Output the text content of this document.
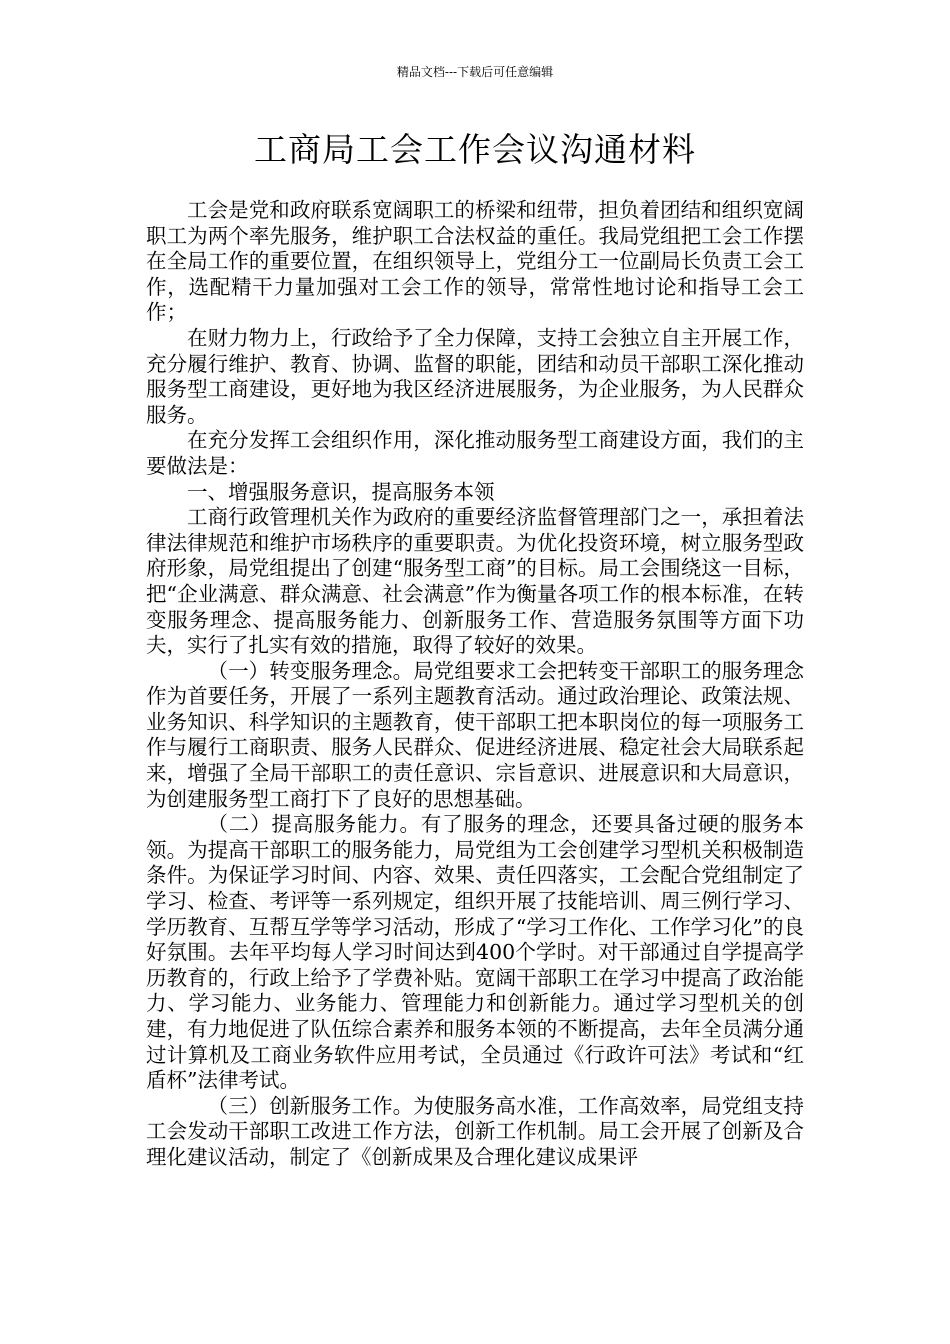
精品文档---下载后可任意编辑
工商局工会工作会议沟通材料

工会是党和政府联系宽阔职工的桥梁和纽带，担负着团结和组织宽阔职工为两个率先服务，维护职工合法权益的重任。我局党组把工会工作摆在全局工作的重要位置，在组织领导上，党组分工一位副局长负责工会工作，选配精干力量加强对工会工作的领导，常常性地讨论和指导工会工作；

在财力物力上，行政给予了全力保障，支持工会独立自主开展工作，充分履行维护、教育、协调、监督的职能，团结和动员干部职工深化推动服务型工商建设，更好地为我区经济进展服务，为企业服务，为人民群众服务。

在充分发挥工会组织作用，深化推动服务型工商建设方面，我们的主要做法是：

一、增强服务意识，提高服务本领

工商行政管理机关作为政府的重要经济监督管理部门之一，承担着法律法律规范和维护市场秩序的重要职责。为优化投资环境，树立服务型政府形象，局党组提出了创建“服务型工商”的目标。局工会围绕这一目标，把“企业满意、群众满意、社会满意”作为衡量各项工作的根本标准，在转变服务理念、提高服务能力、创新服务工作、营造服务氛围等方面下功夫，实行了扎实有效的措施，取得了较好的效果。

（一）转变服务理念。局党组要求工会把转变干部职工的服务理念作为首要任务，开展了一系列主题教育活动。通过政治理论、政策法规、业务知识、科学知识的主题教育，使干部职工把本职岗位的每一项服务工作与履行工商职责、服务人民群众、促进经济进展、稳定社会大局联系起来，增强了全局干部职工的责任意识、宗旨意识、进展意识和大局意识，为创建服务型工商打下了良好的思想基础。

（二）提高服务能力。有了服务的理念，还要具备过硬的服务本领。为提高干部职工的服务能力，局党组为工会创建学习型机关积极制造条件。为保证学习时间、内容、效果、责任四落实，工会配合党组制定了学习、检查、考评等一系列规定，组织开展了技能培训、周三例行学习、学历教育、互帮互学等学习活动，形成了“学习工作化、工作学习化”的良好氛围。去年平均每人学习时间达到400个学时。对干部通过自学提高学历教育的，行政上给予了学费补贴。宽阔干部职工在学习中提高了政治能力、学习能力、业务能力、管理能力和创新能力。通过学习型机关的创建，有力地促进了队伍综合素养和服务本领的不断提高，去年全员满分通过计算机及工商业务软件应用考试，全员通过《行政许可法》考试和“红盾杯”法律考试。

（三）创新服务工作。为使服务高水准，工作高效率，局党组支持工会发动干部职工改进工作方法，创新工作机制。局工会开展了创新及合理化建议活动，制定了《创新成果及合理化建议成果评
